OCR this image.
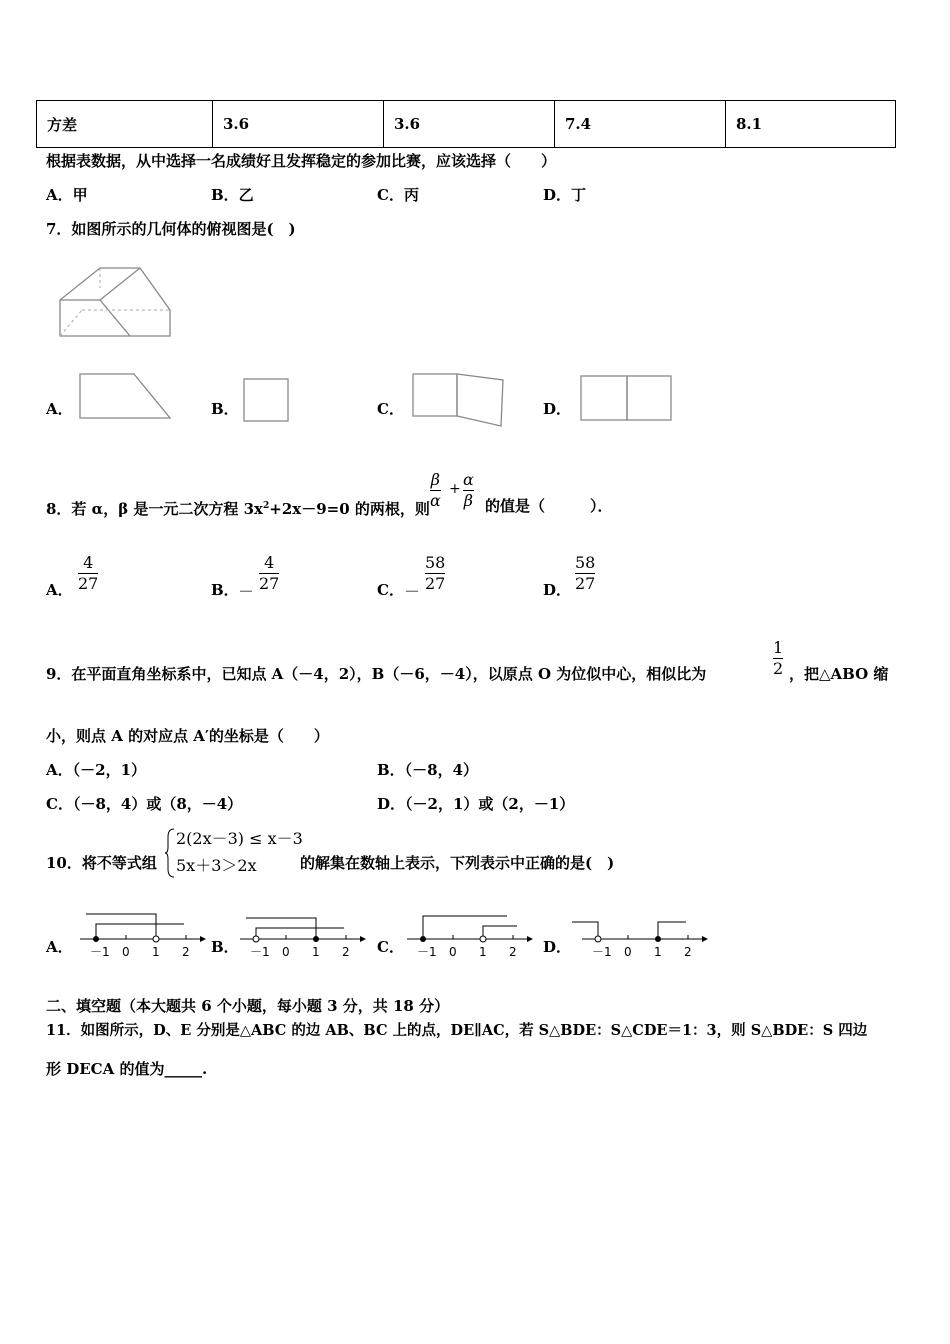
方差	3.6	3.6	7.4	8.1
根据表数据，从中选择一名成绩好且发挥稳定的参加比赛，应该选择（　　）
A．甲	B．乙	C．丙	D．丁
7．如图所示的几何体的俯视图是(　)
A．	B．	C．	D．
8．若 α，β 是一元二次方程 $3x^2+2x-9=0$ 的两根，则
β
α
+ α
β 的值是（　　　）．
A．
4
27	B． －
4
27	C． －
58
27	D．
58
27
9．在平面直角坐标系中，已知点 A（－4，2），B（－6，－4），以原点 O 为位似中心，相似比为
1
2 ，把△ABO 缩
小，则点 A 的对应点 A′的坐标是（　　）
A．（－2，1）	B．（－8，4）
C．（－8，4）或（8，－4）	D．（－2，1）或（2，－1）
10．将不等式组
2(2x－3) ≤ x－3
5x＋3＞2x	的解集在数轴上表示，下列表示中正确的是(　)
A． －1 0 1 2 B． －1 0 1 2 C． －1 0 1 2 D． －1 0 1 2
二、填空题（本大题共 6 个小题，每小题 3 分，共 18 分）
11．如图所示，D、E 分别是△ABC 的边 AB、BC 上的点，DE∥AC，若 S△BDE：S△CDE＝1：3，则 S△BDE：S 四边
形 DECA 的值为_____.
